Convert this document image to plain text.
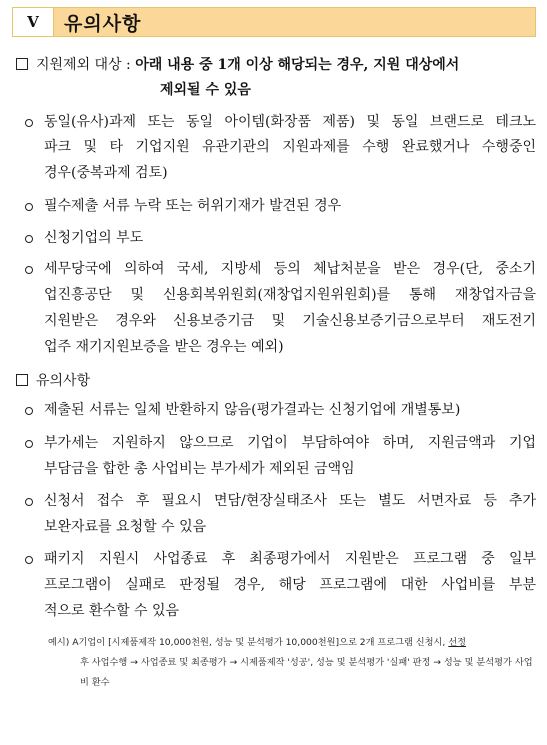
Ⅴ	유의사항
지원제외 대상 : 아래 내용 중 1개 이상 해당되는 경우, 지원 대상에서
제외될 수 있음
동일(유사)과제 또는 동일 아이템(화장품 제품) 및 동일 브랜드로 테크노
파크 및 타 기업지원 유관기관의 지원과제를 수행 완료했거나 수행중인
경우(중복과제 검토)
필수제출 서류 누락 또는 허위기재가 발견된 경우
신청기업의 부도
세무당국에 의하여 국세, 지방세 등의 체납처분을 받은 경우(단, 중소기
업진흥공단 및 신용회복위원회(재창업지원위원회)를 통해 재창업자금을
지원받은 경우와 신용보증기금 및 기술신용보증기금으로부터 재도전기
업주 재기지원보증을 받은 경우는 예외)
유의사항
제출된 서류는 일체 반환하지 않음(평가결과는 신청기업에 개별통보)
부가세는 지원하지 않으므로 기업이 부담하여야 하며, 지원금액과 기업
부담금을 합한 총 사업비는 부가세가 제외된 금액임
신청서 접수 후 필요시 면담/현장실태조사 또는 별도 서면자료 등 추가
보완자료를 요청할 수 있음
패키지 지원시 사업종료 후 최종평가에서 지원받은 프로그램 중 일부
프로그램이 실패로 판정될 경우, 해당 프로그램에 대한 사업비를 부분
적으로 환수할 수 있음
예시) A기업이 [시제품제작 10,000천원, 성능 및 분석평가 10,000천원]으로 2개 프로그램 신청시, 선정
후 사업수행 → 사업종료 및 최종평가 → 시제품제작 '성공', 성능 및 분석평가 '실패' 판정 → 성능 및 분석평가 사업
비 환수
